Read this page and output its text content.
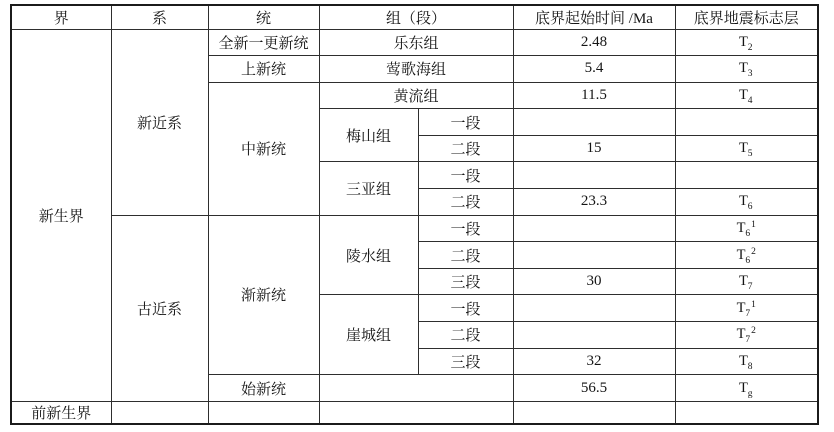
界	系	统	组（段）		底界起始时间 /Ma	底界地震标志层
新生界	新近系	全新一更新统	乐东组		2.48	$T_2$
		上新统	莺歌海组		5.4	$T_3$
		中新统	黄流组		11.5	$T_4$
			梅山组	一段		
				二段	15	$T_5$
			三亚组	一段		
				二段	23.3	$T_6$
	古近系	渐新统	陵水组	一段		$T_6^1$
				二段		$T_6^2$
				三段	30	$T_7$
			崖城组	一段		$T_7^1$
				二段		$T_7^2$
				三段	32	$T_8$
		始新统			56.5	$T_g$
前新生界						
